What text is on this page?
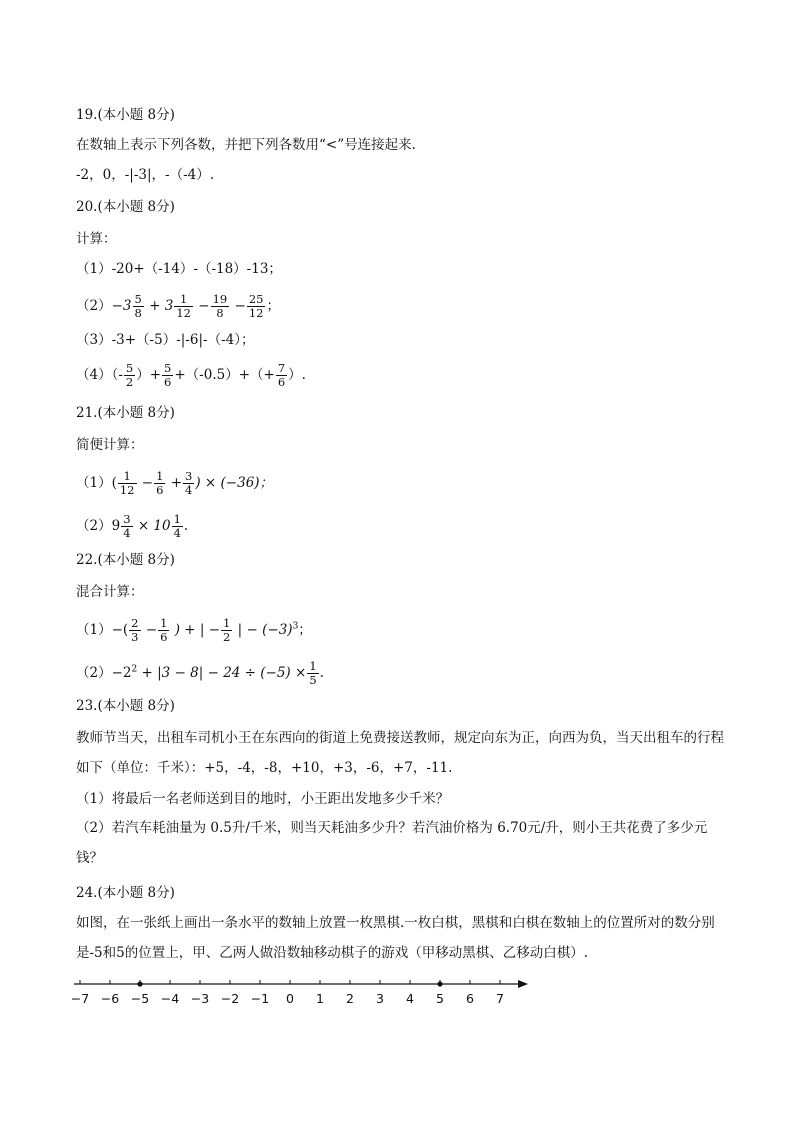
19.(本小题 8分)
在数轴上表示下列各数，并把下列各数用“<”号连接起来.
-2，0，-|-3|，-（-4）.
20.(本小题 8分)
计算：
（1）-20+（-14）-（-18）-13；
$(2)-3 \frac{5}{8} + 3 \frac{1}{12} - \frac{19}{8} - \frac{25}{12}$ ；
（3）-3+（-5）-|-6|-（-4）；
$(4)(- \frac{5}{2}$ ）+ $\frac{5}{6} +(-0.5)+(+ \frac{7}{6}$ ）.
21.(本小题 8分)
简便计算：
$(1)( \frac{1}{12} - \frac{1}{6} + \frac{3}{4}$ ) × (−36)；
$(2)9 \frac{3}{4} \times 10 \frac{1}{4}$ .
22.(本小题 8分)
混合计算：
$(1)-( \frac{2}{3} - \frac{1}{6}$ ) + | − $\frac{1}{2}$ | − $(-3)^3$；
$(2)-2^2 + |3 - 8| - 24 \div (-5) \times \frac{1}{5}$ .
23.(本小题 8分)
教师节当天，出租车司机小王在东西向的街道上免费接送教师，规定向东为正，向西为负，当天出租车的行程如下（单位：千米）：+5，-4，-8，+10，+3，-6，+7，-11.
（1）将最后一名老师送到目的地时，小王距出发地多少千米？
（2）若汽车耗油量为 0.5升/千米，则当天耗油多少升？若汽油价格为 6.70元/升，则小王共花费了多少元钱？
24.(本小题 8分)
如图，在一张纸上画出一条水平的数轴上放置一枚黑棋.一枚白棋，黑棋和白棋在数轴上的位置所对的数分别是-5和5的位置上，甲、乙两人做沿数轴移动棋子的游戏（甲移动黑棋、乙移动白棋）.
−7 −6 −5 −4 −3 −2 −1 0 1 2 3 4 5 6 7
